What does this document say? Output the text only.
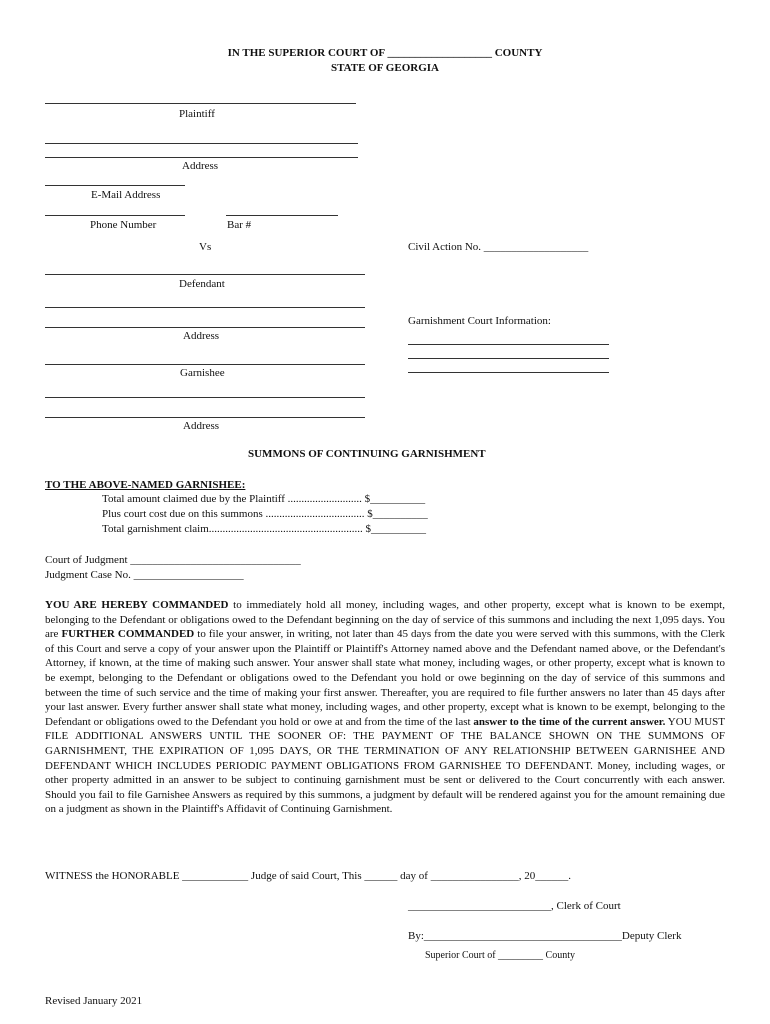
IN THE SUPERIOR COURT OF ___________________ COUNTY
STATE OF GEORGIA
Plaintiff
Address
E-Mail Address
Phone Number	Bar #
Vs	Civil Action No. ___________________
Defendant
Address
Garnishment Court Information:
Garnishee
Address
SUMMONS OF CONTINUING GARNISHMENT
TO THE ABOVE-NAMED GARNISHEE:
Total amount claimed due by the Plaintiff ........................... $__________
Plus court cost due on this summons .................................... $__________
Total garnishment claim........................................................ $__________
Court of Judgment _______________________________
Judgment Case No. ____________________

YOU ARE HEREBY COMMANDED to immediately hold all money, including wages, and other property, except what is known to be exempt, belonging to the Defendant or obligations owed to the Defendant beginning on the day of service of this summons and including the next 1,095 days. You are FURTHER COMMANDED to file your answer, in writing, not later than 45 days from the date you were served with this summons, with the Clerk of this Court and serve a copy of your answer upon the Plaintiff or Plaintiff's Attorney named above and the Defendant named above, or the Defendant's Attorney, if known, at the time of making such answer. Your answer shall state what money, including wages, or other property, except what is known to be exempt, belonging to the Defendant or obligations owed to the Defendant you hold or owe beginning on the day of service of this summons and between the time of such service and the time of making your first answer. Thereafter, you are required to file further answers no later than 45 days after your last answer. Every further answer shall state what money, including wages, and other property, except what is known to be exempt, belonging to the Defendant or obligations owed to the Defendant you hold or owe at and from the time of the last answer to the time of the current answer. YOU MUST FILE ADDITIONAL ANSWERS UNTIL THE SOONER OF: THE PAYMENT OF THE BALANCE SHOWN ON THE SUMMONS OF GARNISHMENT, THE EXPIRATION OF 1,095 DAYS, OR THE TERMINATION OF ANY RELATIONSHIP BETWEEN GARNISHEE AND DEFENDANT WHICH INCLUDES PERIODIC PAYMENT OBLIGATIONS FROM GARNISHEE TO DEFENDANT. Money, including wages, or other property admitted in an answer to be subject to continuing garnishment must be sent or delivered to the Court concurrently with each answer. Should you fail to file Garnishee Answers as required by this summons, a judgment by default will be rendered against you for the amount remaining due on a judgment as shown in the Plaintiff's Affidavit of Continuing Garnishment.

WITNESS the HONORABLE ____________ Judge of said Court, This ______ day of ________________, 20______.
__________________________, Clerk of Court
By:____________________________________Deputy Clerk
Superior Court of _________ County
Revised January 2021
